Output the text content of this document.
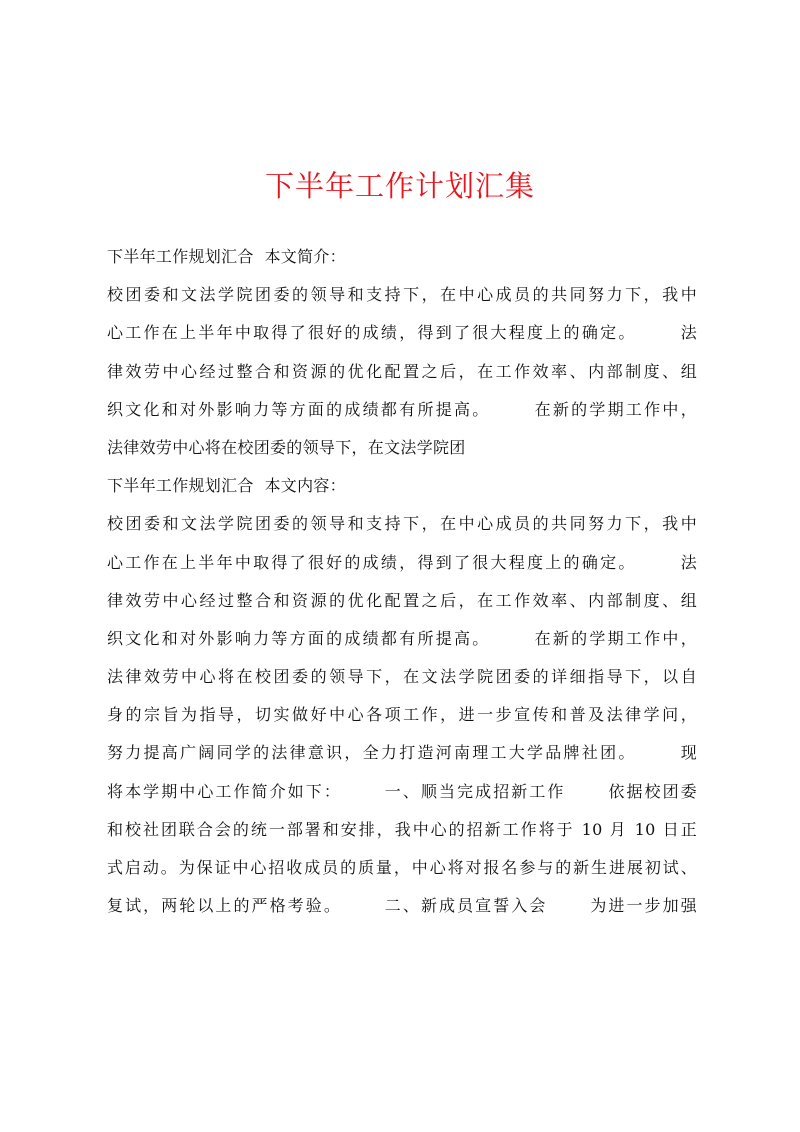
下半年工作计划汇集
下半年工作规划汇合  本文简介：
校团委和文法学院团委的领导和支持下，在中心成员的共同努力下，我中
心工作在上半年中取得了很好的成绩，得到了很大程度上的确定。      法
律效劳中心经过整合和资源的优化配置之后，在工作效率、内部制度、组
织文化和对外影响力等方面的成绩都有所提高。      在新的学期工作中，
法律效劳中心将在校团委的领导下，在文法学院团
下半年工作规划汇合  本文内容：
校团委和文法学院团委的领导和支持下，在中心成员的共同努力下，我中
心工作在上半年中取得了很好的成绩，得到了很大程度上的确定。      法
律效劳中心经过整合和资源的优化配置之后，在工作效率、内部制度、组
织文化和对外影响力等方面的成绩都有所提高。      在新的学期工作中，
法律效劳中心将在校团委的领导下，在文法学院团委的详细指导下，以自
身的宗旨为指导，切实做好中心各项工作，进一步宣传和普及法律学问，
努力提高广阔同学的法律意识，全力打造河南理工大学品牌社团。      现
将本学期中心工作简介如下：      一、顺当完成招新工作      依据校团委
和校社团联合会的统一部署和安排，我中心的招新工作将于 10 月 10 日正
式启动。为保证中心招收成员的质量，中心将对报名参与的新生进展初试、
复试，两轮以上的严格考验。      二、新成员宣誓入会      为进一步加强
